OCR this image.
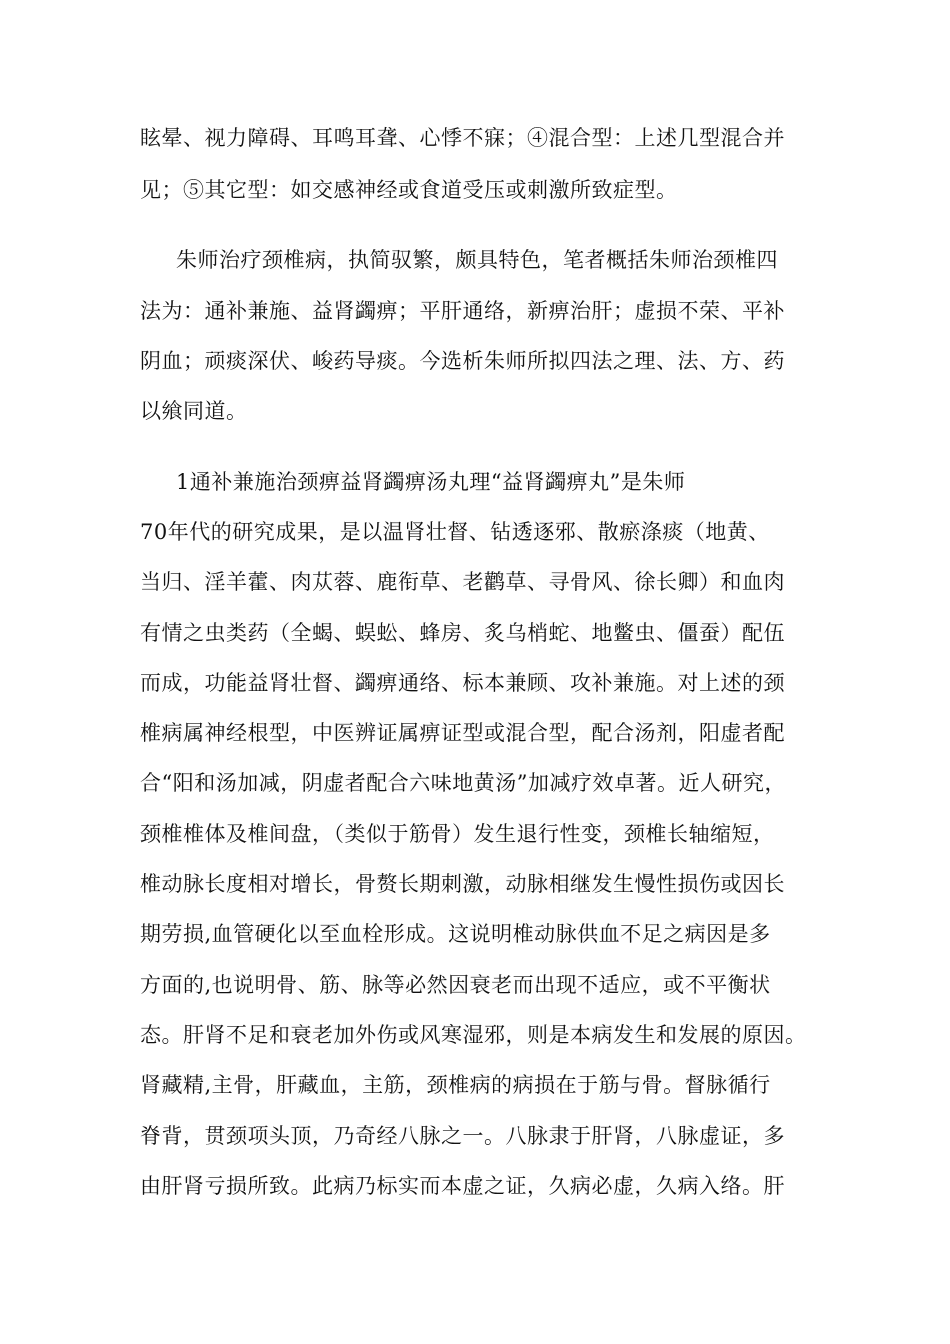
眩晕、视力障碍、耳鸣耳聋、心悸不寐；④混合型：上述几型混合并
见；⑤其它型：如交感神经或食道受压或刺激所致症型。
朱师治疗颈椎病，执简驭繁，颇具特色，笔者概括朱师治颈椎四
法为：通补兼施、益肾蠲痹；平肝通络，新痹治肝；虚损不荣、平补
阴血；顽痰深伏、峻药导痰。今选析朱师所拟四法之理、法、方、药
以飨同道。
1通补兼施治颈痹益肾蠲痹汤丸理“益肾蠲痹丸”是朱师
70年代的研究成果，是以温肾壮督、钻透逐邪、散瘀涤痰（地黄、
当归、淫羊藿、肉苁蓉、鹿衔草、老鹳草、寻骨风、徐长卿）和血肉
有情之虫类药（全蝎、蜈蚣、蜂房、炙乌梢蛇、地鳖虫、僵蚕）配伍
而成，功能益肾壮督、蠲痹通络、标本兼顾、攻补兼施。对上述的颈
椎病属神经根型，中医辨证属痹证型或混合型，配合汤剂，阳虚者配
合“阳和汤加减，阴虚者配合六味地黄汤”加减疗效卓著。近人研究，
颈椎椎体及椎间盘，（类似于筋骨）发生退行性变，颈椎长轴缩短，
椎动脉长度相对增长，骨赘长期刺激，动脉相继发生慢性损伤或因长
期劳损,血管硬化以至血栓形成。这说明椎动脉供血不足之病因是多
方面的,也说明骨、筋、脉等必然因衰老而出现不适应，或不平衡状
态。肝肾不足和衰老加外伤或风寒湿邪，则是本病发生和发展的原因。
肾藏精,主骨，肝藏血，主筋，颈椎病的病损在于筋与骨。督脉循行
脊背，贯颈项头顶，乃奇经八脉之一。八脉隶于肝肾，八脉虚证，多
由肝肾亏损所致。此病乃标实而本虚之证，久病必虚，久病入络。肝
